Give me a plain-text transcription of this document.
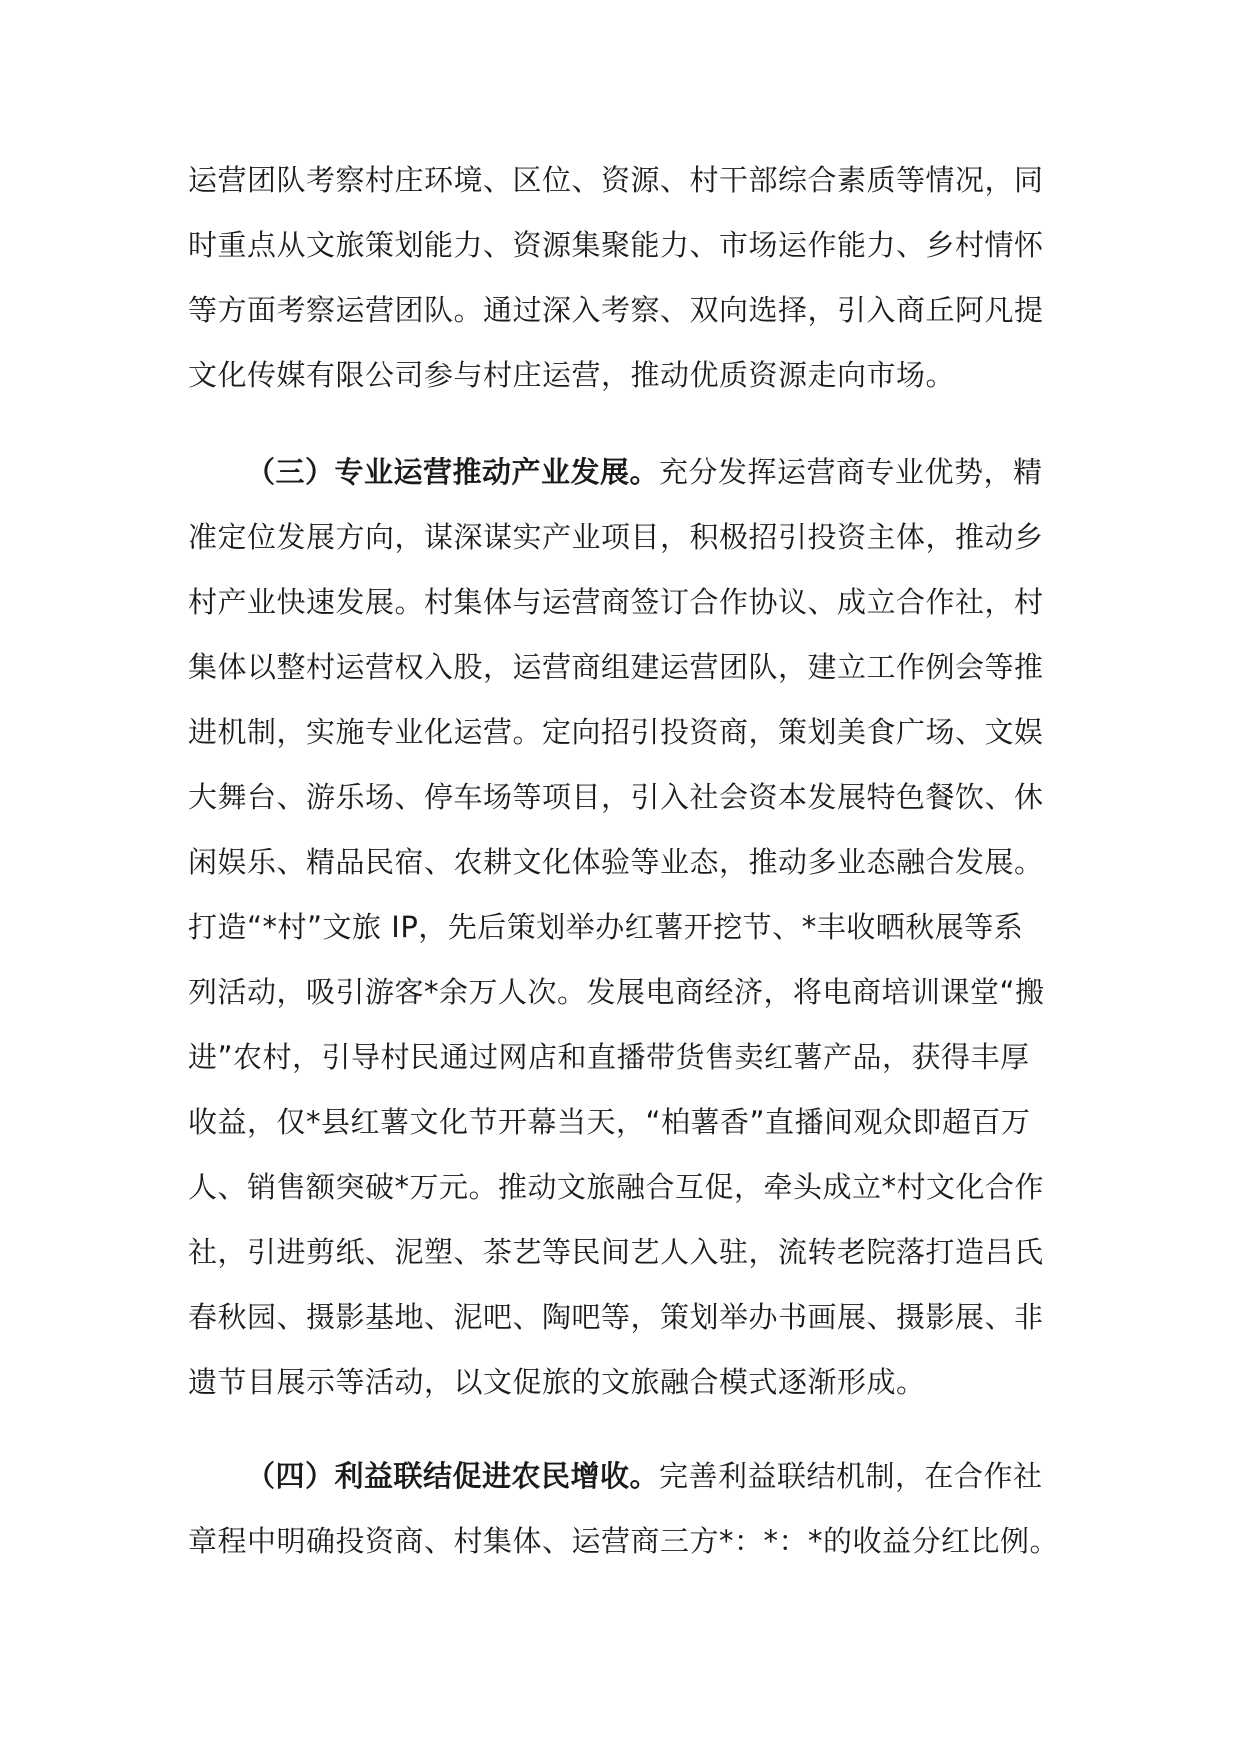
运营团队考察村庄环境、区位、资源、村干部综合素质等情况，同
时重点从文旅策划能力、资源集聚能力、市场运作能力、乡村情怀
等方面考察运营团队。通过深入考察、双向选择，引入商丘阿凡提
文化传媒有限公司参与村庄运营，推动优质资源走向市场。
（三）专业运营推动产业发展。充分发挥运营商专业优势，精
准定位发展方向，谋深谋实产业项目，积极招引投资主体，推动乡
村产业快速发展。村集体与运营商签订合作协议、成立合作社，村
集体以整村运营权入股，运营商组建运营团队，建立工作例会等推
进机制，实施专业化运营。定向招引投资商，策划美食广场、文娱
大舞台、游乐场、停车场等项目，引入社会资本发展特色餐饮、休
闲娱乐、精品民宿、农耕文化体验等业态，推动多业态融合发展。
打造“*村”文旅 IP，先后策划举办红薯开挖节、*丰收晒秋展等系
列活动，吸引游客*余万人次。发展电商经济，将电商培训课堂“搬
进”农村，引导村民通过网店和直播带货售卖红薯产品，获得丰厚
收益，仅*县红薯文化节开幕当天，“柏薯香”直播间观众即超百万
人、销售额突破*万元。推动文旅融合互促，牵头成立*村文化合作
社，引进剪纸、泥塑、茶艺等民间艺人入驻，流转老院落打造吕氏
春秋园、摄影基地、泥吧、陶吧等，策划举办书画展、摄影展、非
遗节目展示等活动，以文促旅的文旅融合模式逐渐形成。
（四）利益联结促进农民增收。完善利益联结机制，在合作社
章程中明确投资商、村集体、运营商三方*：*：*的收益分红比例。
